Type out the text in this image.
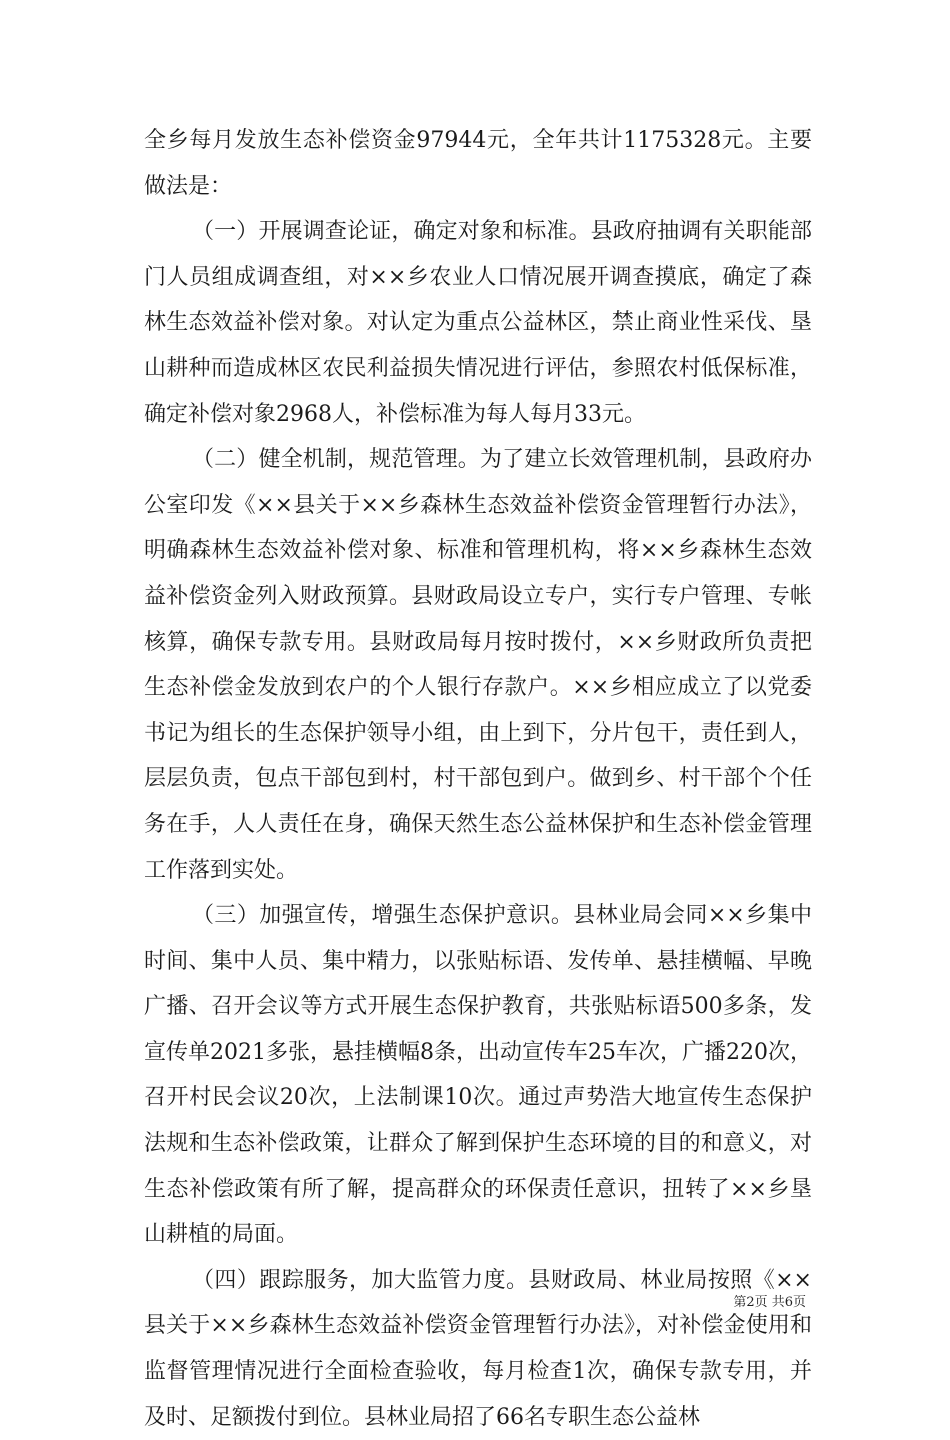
全乡每月发放生态补偿资金97944元，全年共计1175328元。主要做法是：

（一）开展调查论证，确定对象和标准。县政府抽调有关职能部门人员组成调查组，对××乡农业人口情况展开调查摸底，确定了森林生态效益补偿对象。对认定为重点公益林区，禁止商业性采伐、垦山耕种而造成林区农民利益损失情况进行评估，参照农村低保标准，确定补偿对象2968人，补偿标准为每人每月33元。

（二）健全机制，规范管理。为了建立长效管理机制，县政府办公室印发《××县关于××乡森林生态效益补偿资金管理暂行办法》，明确森林生态效益补偿对象、标准和管理机构，将××乡森林生态效益补偿资金列入财政预算。县财政局设立专户，实行专户管理、专帐核算，确保专款专用。县财政局每月按时拨付，××乡财政所负责把生态补偿金发放到农户的个人银行存款户。××乡相应成立了以党委书记为组长的生态保护领导小组，由上到下，分片包干，责任到人，层层负责，包点干部包到村，村干部包到户。做到乡、村干部个个任务在手，人人责任在身，确保天然生态公益林保护和生态补偿金管理工作落到实处。

（三）加强宣传，增强生态保护意识。县林业局会同××乡集中时间、集中人员、集中精力，以张贴标语、发传单、悬挂横幅、早晚广播、召开会议等方式开展生态保护教育，共张贴标语500多条，发宣传单2021多张，悬挂横幅8条，出动宣传车25车次，广播220次，召开村民会议20次，上法制课10次。通过声势浩大地宣传生态保护法规和生态补偿政策，让群众了解到保护生态环境的目的和意义，对生态补偿政策有所了解，提高群众的环保责任意识，扭转了××乡垦山耕植的局面。

（四）跟踪服务，加大监管力度。县财政局、林业局按照《××县关于××乡森林生态效益补偿资金管理暂行办法》，对补偿金使用和监督管理情况进行全面检查验收，每月检查1次，确保专款专用，并及时、足额拨付到位。县林业局招了66名专职生态公益林

第2页 共6页
